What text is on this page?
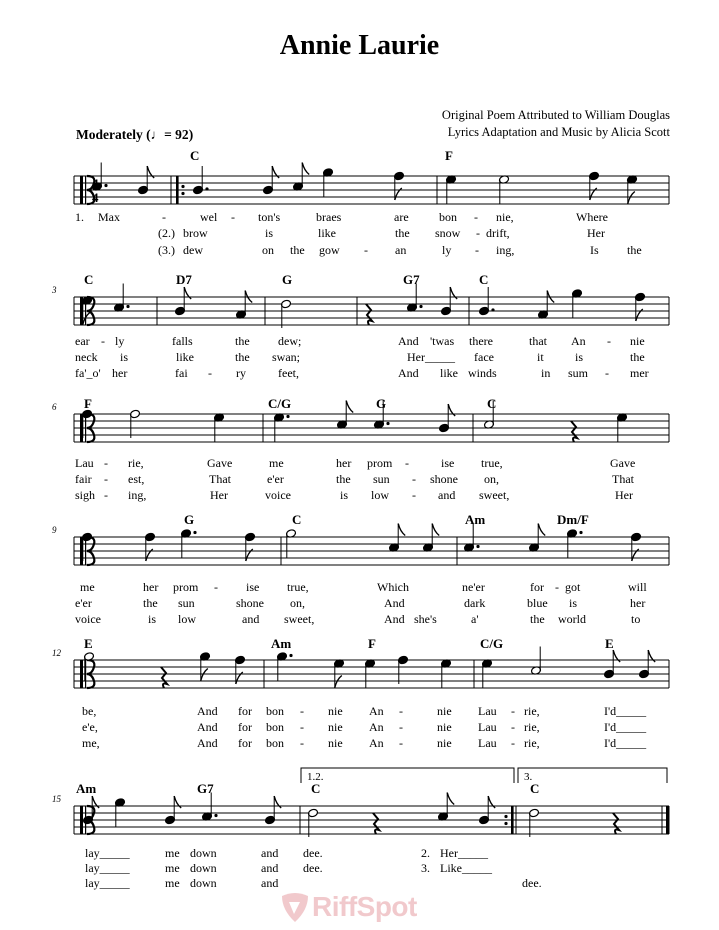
Annie Laurie
Original Poem Attributed to William Douglas
Lyrics Adaptation and Music by Alicia Scott
Moderately (♩= 92)
C	F
1. Max	-	wel - ton's	braes	are	bon - nie,	Where
(2.) brow	is	like	the snow - drift,	Her
(3.) dew	on the gow - an	ly - ing,	Is the
3
C	D7	G	G7	C
ear - ly	falls	the dew;	And 'twas there	that An - nie
neck is	like	the swan;	Her_____ face	it	is	the
fa'_o' her	fai - ry	feet,	And like winds	in sum - mer
6 F	C/G	G	C
Lau - rie,	Gave	me	her prom -	ise true,	Gave
fair - est,	That	e'er	the sun - shone on,	That
sigh - ing,	Her	voice	is low - and sweet,	Her
9
G	C	Am	Dm/F
me	her prom - ise true,	Which	ne'er	for - got	will
e'er	the sun	shone on,	And	dark	blue is	her
voice	is low	and sweet,	And she's	a'	the world	to
12
E	Am	F	C/G	E
be,	And for bon - nie An -	nie Lau - rie,	I'd_____
e'e,	And for bon - nie An -	nie Lau - rie,	I'd_____
me,	And for bon - nie An -	nie Lau - rie,	I'd_____
15
Am	G7	C	C
lay_____	me down	and dee.	2. Her_____
lay_____	me down	and dee.	3. Like_____
lay_____	me down	and	dee.
4
4
1.2.	3.
RiffSpot
